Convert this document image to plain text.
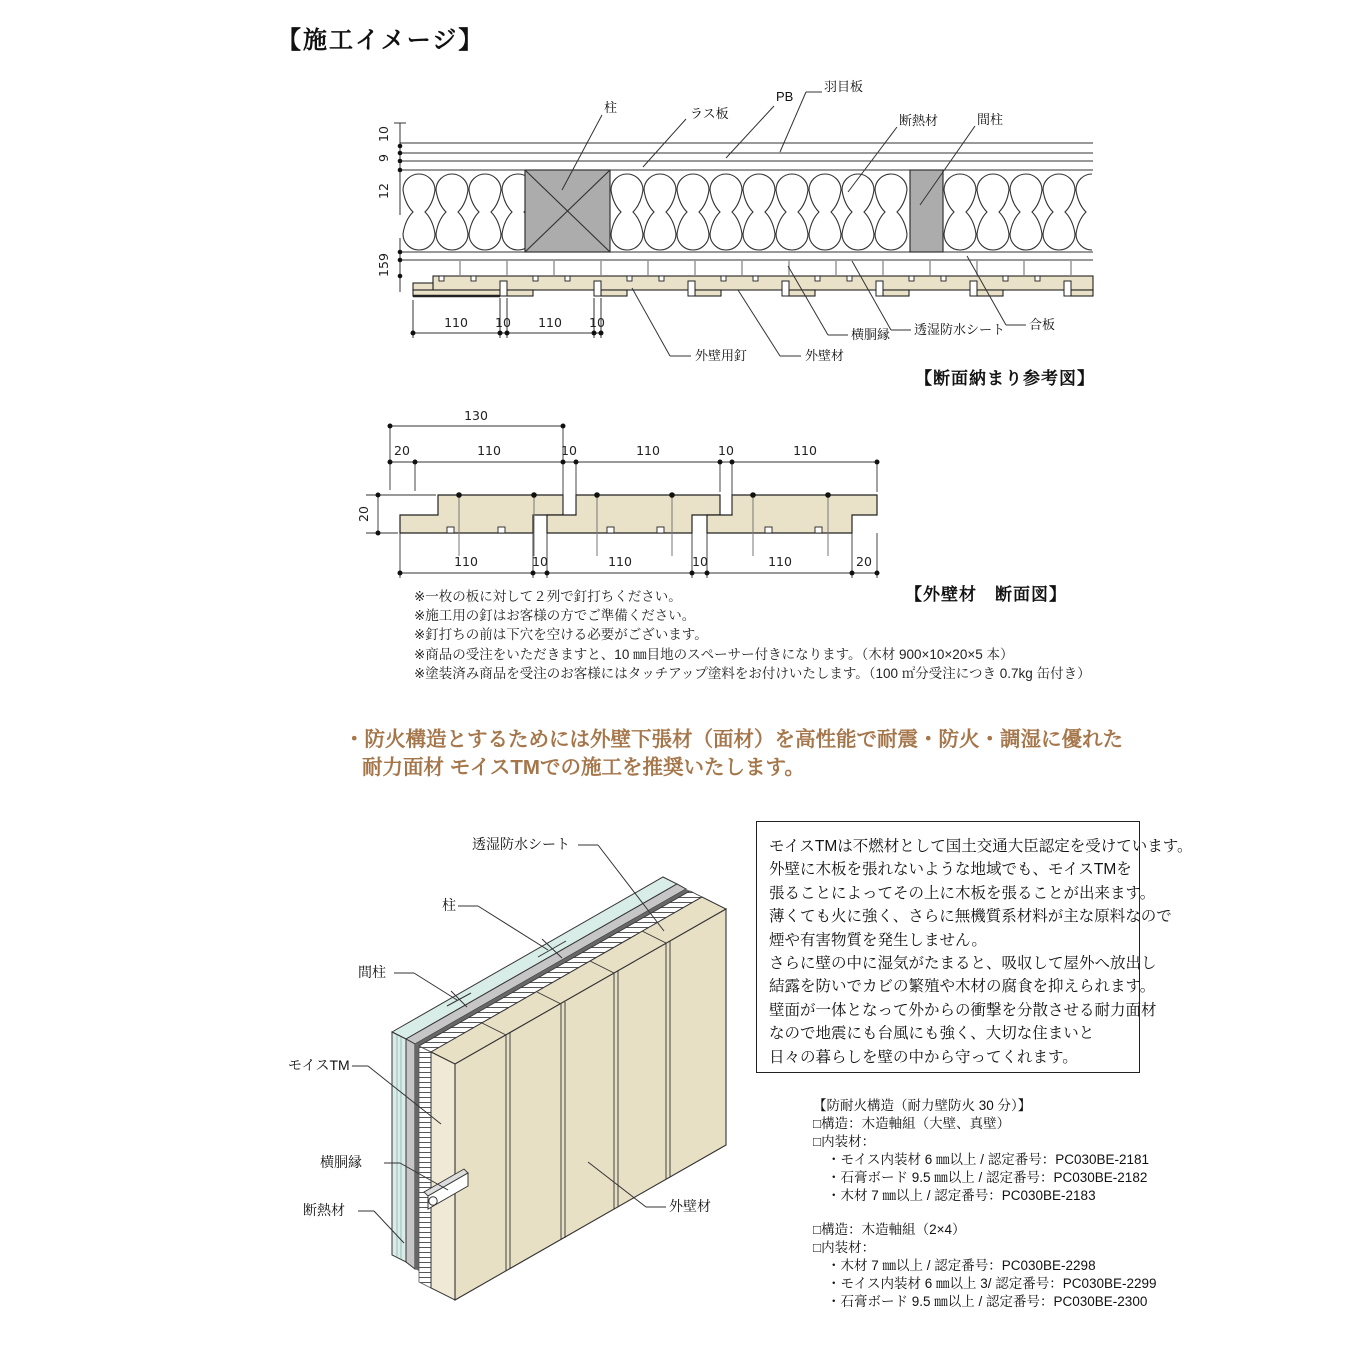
【施工イメージ】
10
9
12
9
15
110 10 110 10
柱	ラス板
PB
羽目板
断熱材	間柱
外壁用釘	外壁材
横胴縁 透湿防水シート 合板
【断面納まり参考図】
130
20	110	10	110	10	110
20
110	10	110	10	110	20
【外壁材　断面図】
※一枚の板に対して２列で釘打ちください。
※施工用の釘はお客様の方でご準備ください。
※釘打ちの前は下穴を空ける必要がございます。
※商品の受注をいただきますと、10 ㎜目地のスペーサー付きになります。（木材 900×10×20×5 本）
※塗装済み商品を受注のお客様にはタッチアップ塗料をお付けいたします。（100 ㎡分受注につき 0.7kg 缶付き）
・防火構造とするためには外壁下張材（面材）を高性能で耐震・防火・調湿に優れた
耐力面材 モイスTMでの施工を推奨いたします。
透湿防水シート
柱
間柱
モイスTM
横胴縁
断熱材	外壁材
モイスTMは不燃材として国土交通大臣認定を受けています。
外壁に木板を張れないような地域でも、モイスTMを
張ることによってその上に木板を張ることが出来ます。
薄くても火に強く、さらに無機質系材料が主な原料なので
煙や有害物質を発生しません。
さらに壁の中に湿気がたまると、吸収して屋外へ放出し
結露を防いでカビの繁殖や木材の腐食を抑えられます。
壁面が一体となって外からの衝撃を分散させる耐力面材
なので地震にも台風にも強く、大切な住まいと
日々の暮らしを壁の中から守ってくれます。
【防耐火構造（耐力壁防火 30 分）】
□構造：木造軸組（大壁、真壁）
□内装材：
・モイス内装材 6 ㎜以上 / 認定番号：PC030BE-2181
・石膏ボード 9.5 ㎜以上 / 認定番号：PC030BE-2182
・木材 7 ㎜以上 / 認定番号：PC030BE-2183
□構造：木造軸組（2×4）
□内装材：
・木材 7 ㎜以上 / 認定番号：PC030BE-2298
・モイス内装材 6 ㎜以上 3/ 認定番号：PC030BE-2299
・石膏ボード 9.5 ㎜以上 / 認定番号：PC030BE-2300
